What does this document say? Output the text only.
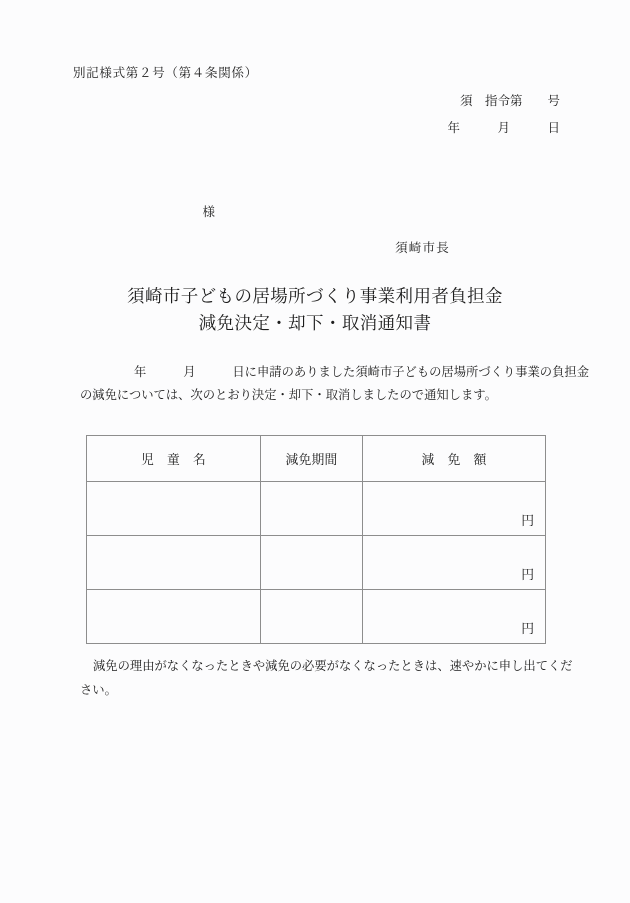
別記様式第２号（第４条関係）
須　指令第　　号
年　　　月　　　日

様

須崎市長
須崎市子どもの居場所づくり事業利用者負担金
減免決定・却下・取消通知書
年　　　月　　　日に申請のありました須崎市子どもの居場所づくり事業の負担金
の減免については、次のとおり決定・却下・取消しましたので通知します。
児　童　名	減免期間	減　免　額
		円
		円
		円
減免の理由がなくなったときや減免の必要がなくなったときは、速やかに申し出てくだ
さい。
